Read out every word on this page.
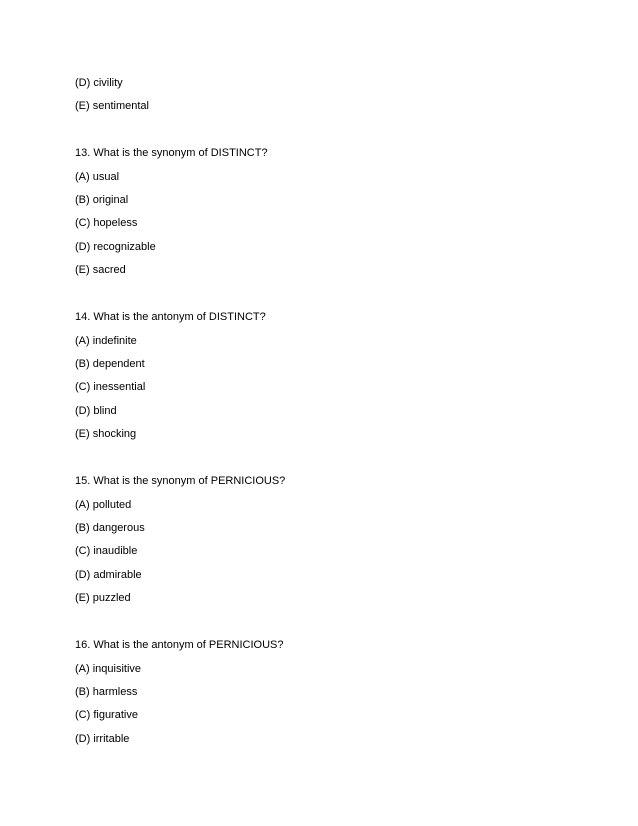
(D) civility
(E) sentimental
13. What is the synonym of DISTINCT?
(A) usual
(B) original
(C) hopeless
(D) recognizable
(E) sacred
14. What is the antonym of DISTINCT?
(A) indefinite
(B) dependent
(C) inessential
(D) blind
(E) shocking
15. What is the synonym of PERNICIOUS?
(A) polluted
(B) dangerous
(C) inaudible
(D) admirable
(E) puzzled
16. What is the antonym of PERNICIOUS?
(A) inquisitive
(B) harmless
(C) figurative
(D) irritable
